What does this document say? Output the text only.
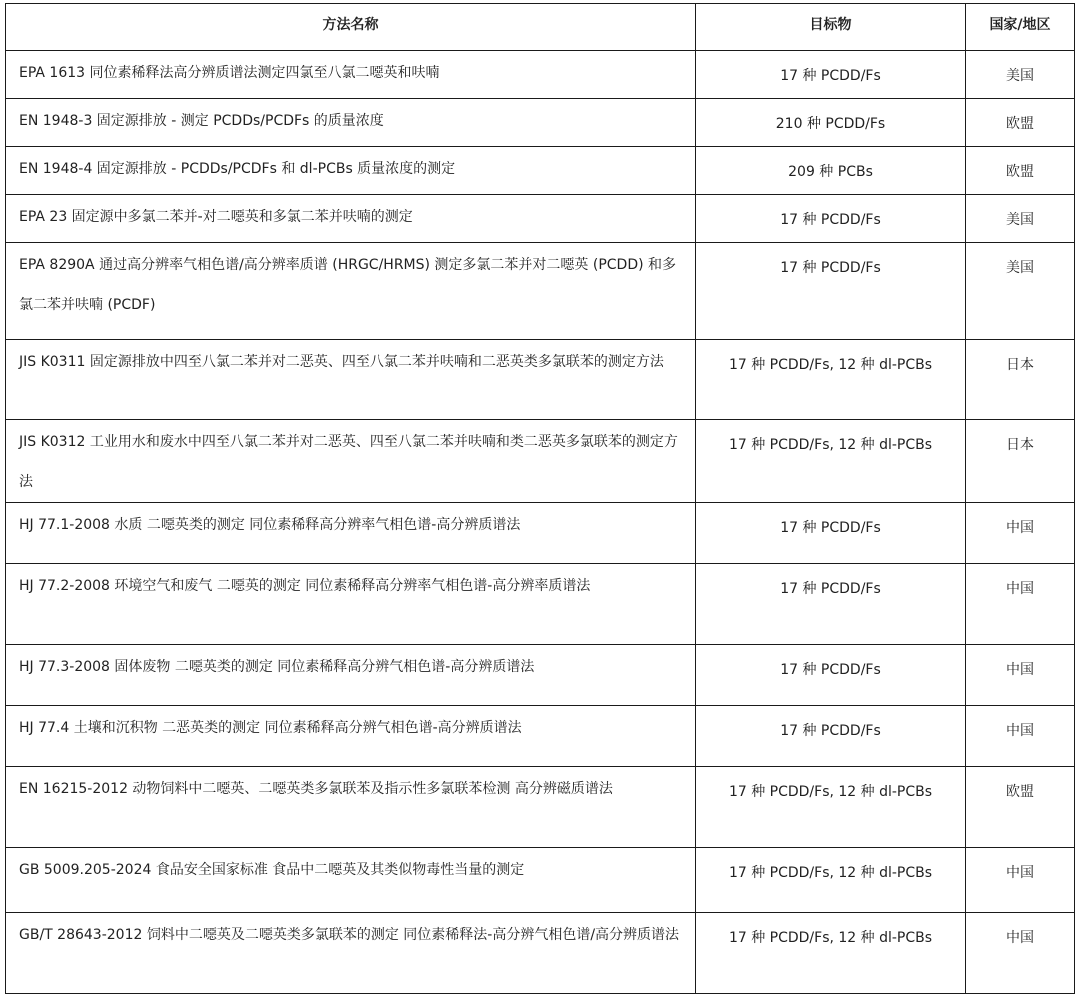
方法名称	目标物	国家/地区

EPA 1613 同位素稀释法高分辨质谱法测定四氯至八氯二噁英和呋喃	17 种 PCDD/Fs	美国

EN 1948-3 固定源排放 - 测定 PCDDs/PCDFs 的质量浓度	210 种 PCDD/Fs	欧盟

EN 1948-4 固定源排放 - PCDDs/PCDFs 和 dl-PCBs 质量浓度的测定	209 种 PCBs	欧盟

EPA 23 固定源中多氯二苯并-对二噁英和多氯二苯并呋喃的测定	17 种 PCDD/Fs	美国

EPA 8290A 通过高分辨率气相色谱/高分辨率质谱 (HRGC/HRMS) 测定多氯二苯并对二噁英 (PCDD) 和多氯二苯并呋喃 (PCDF)	17 种 PCDD/Fs	美国

JIS K0311 固定源排放中四至八氯二苯并对二恶英、四至八氯二苯并呋喃和二恶英类多氯联苯的测定方法	17 种 PCDD/Fs, 12 种 dl-PCBs	日本

JIS K0312 工业用水和废水中四至八氯二苯并对二恶英、四至八氯二苯并呋喃和类二恶英多氯联苯的测定方法	17 种 PCDD/Fs, 12 种 dl-PCBs	日本

HJ 77.1-2008 水质 二噁英类的测定 同位素稀释高分辨率气相色谱-高分辨质谱法	17 种 PCDD/Fs	中国

HJ 77.2-2008 环境空气和废气 二噁英的测定 同位素稀释高分辨率气相色谱-高分辨率质谱法	17 种 PCDD/Fs	中国

HJ 77.3-2008 固体废物 二噁英类的测定 同位素稀释高分辨气相色谱-高分辨质谱法	17 种 PCDD/Fs	中国

HJ 77.4 土壤和沉积物 二恶英类的测定 同位素稀释高分辨气相色谱-高分辨质谱法	17 种 PCDD/Fs	中国

EN 16215-2012 动物饲料中二噁英、二噁英类多氯联苯及指示性多氯联苯检测 高分辨磁质谱法	17 种 PCDD/Fs, 12 种 dl-PCBs	欧盟

GB 5009.205-2024 食品安全国家标准 食品中二噁英及其类似物毒性当量的测定	17 种 PCDD/Fs, 12 种 dl-PCBs	中国

GB/T 28643-2012 饲料中二噁英及二噁英类多氯联苯的测定 同位素稀释法-高分辨气相色谱/高分辨质谱法	17 种 PCDD/Fs, 12 种 dl-PCBs	中国
